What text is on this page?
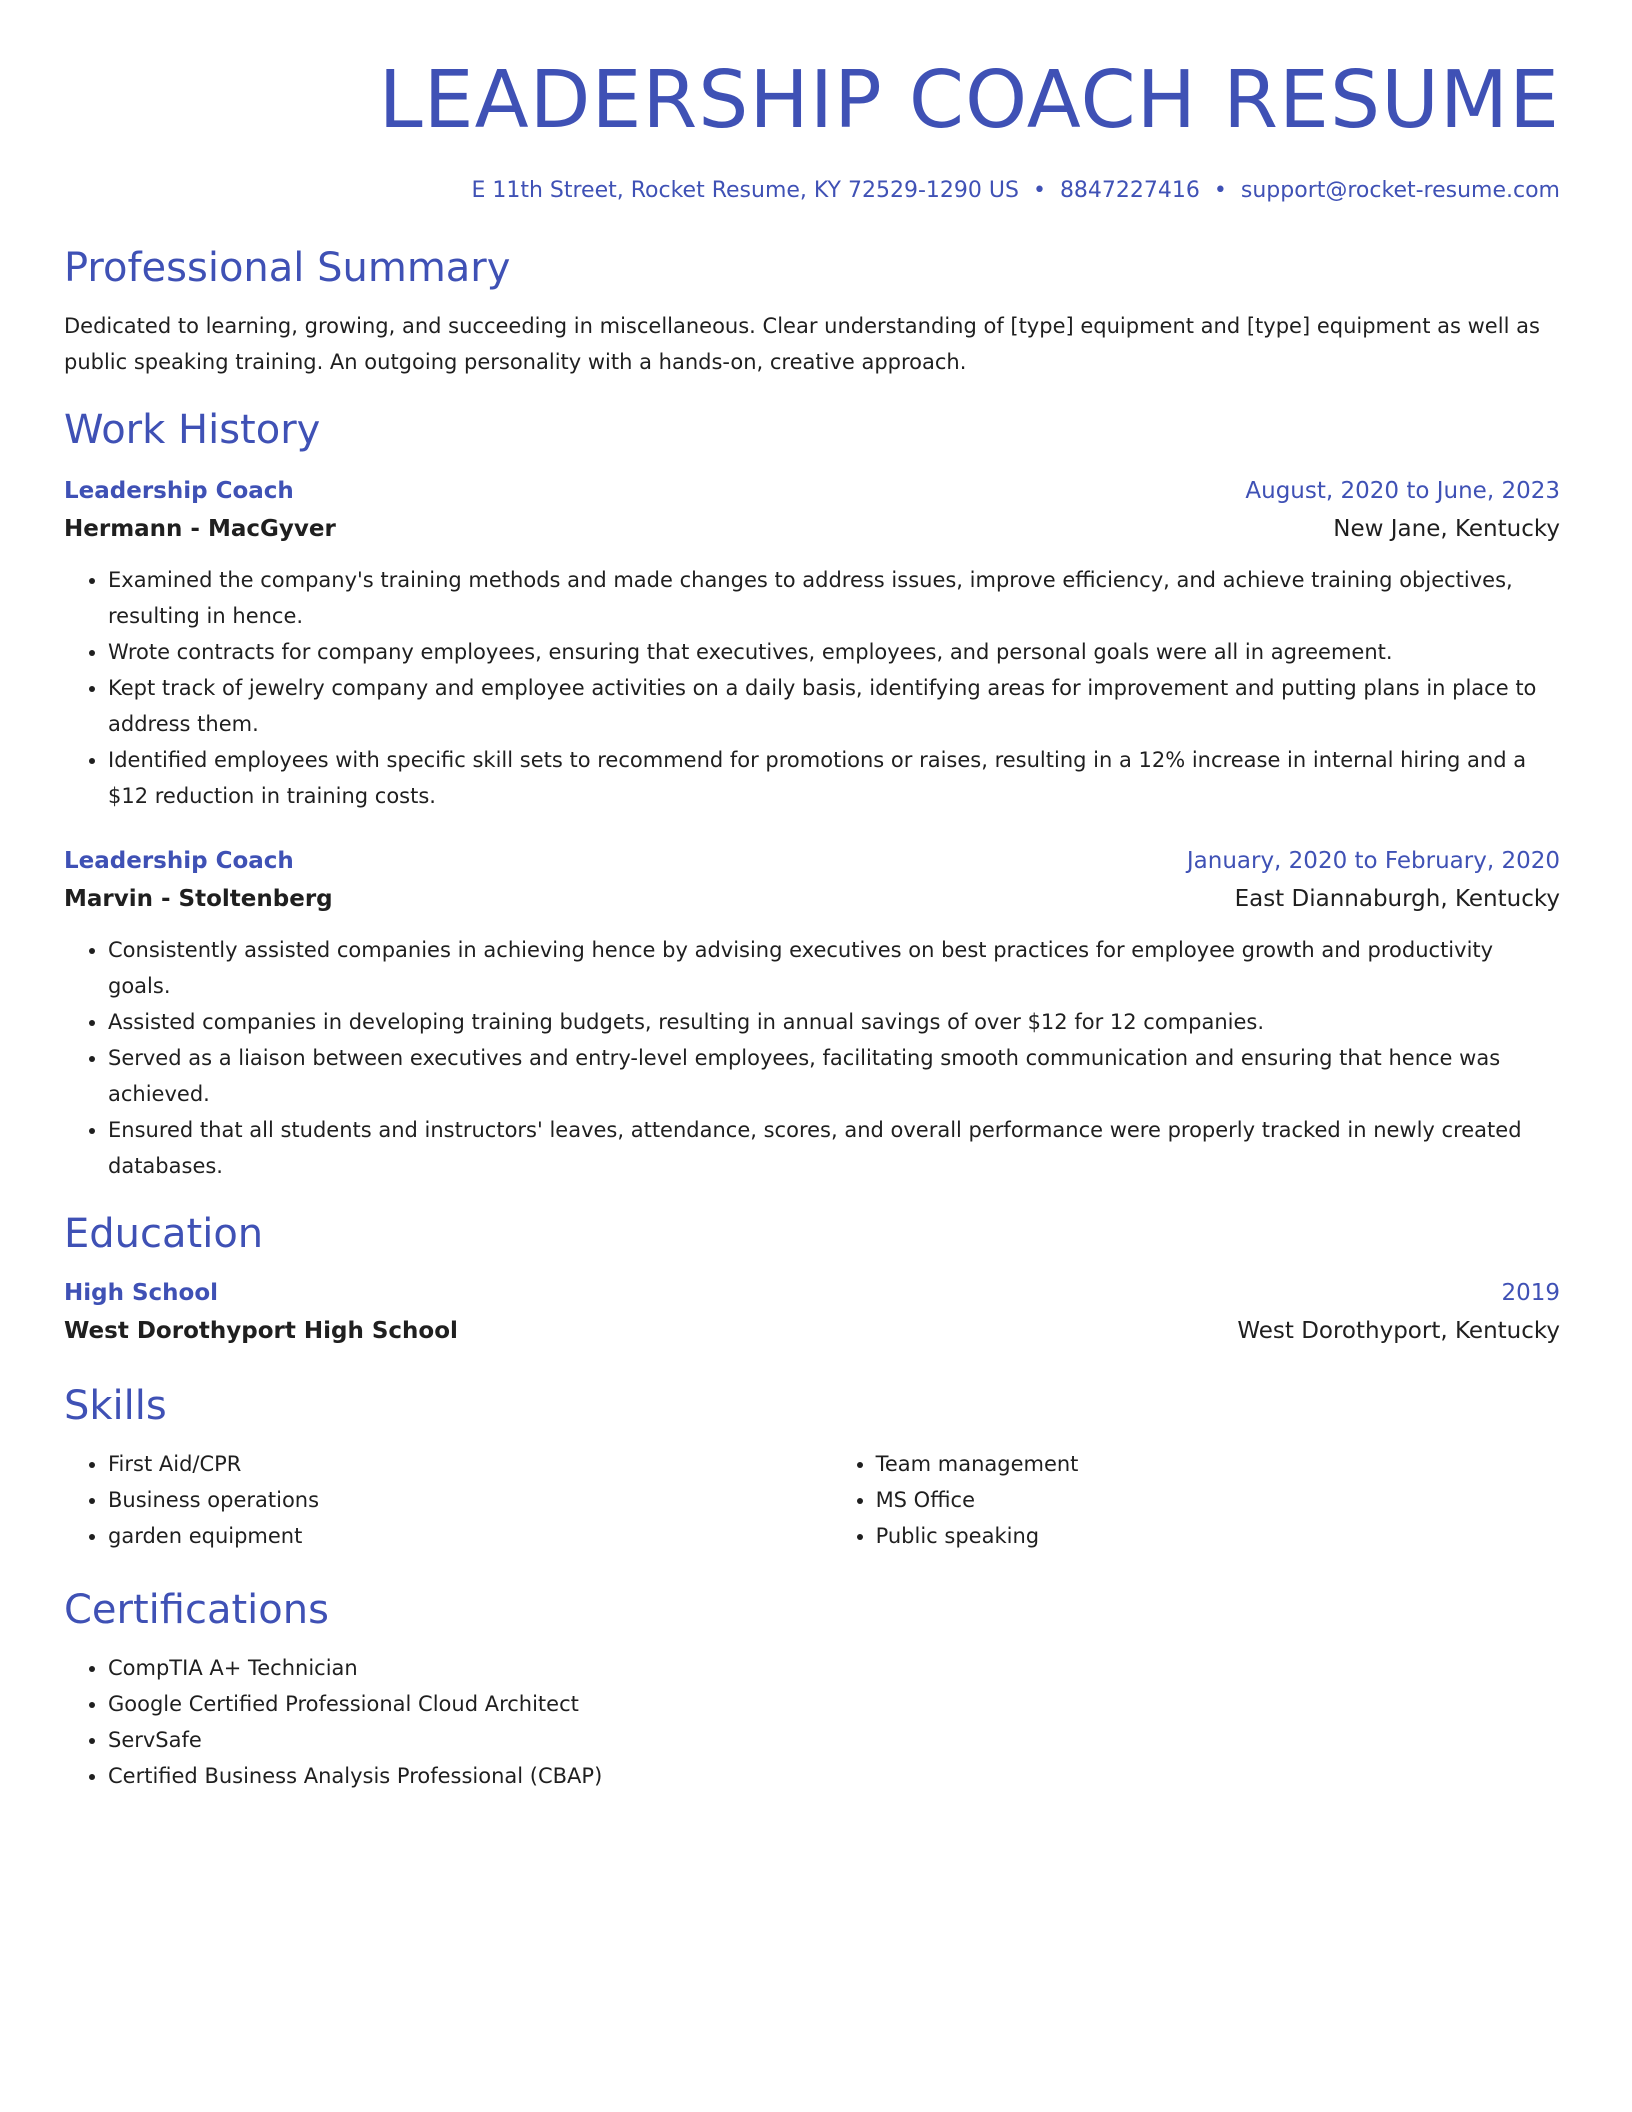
LEADERSHIP COACH RESUME
E 11th Street, Rocket Resume, KY 72529-1290 US • 8847227416 • support@rocket-resume.com
Professional Summary
Dedicated to learning, growing, and succeeding in miscellaneous. Clear understanding of [type] equipment and [type] equipment as well as public speaking training. An outgoing personality with a hands-on, creative approach.
Work History
Leadership Coach	August, 2020 to June, 2023
Hermann - MacGyver	New Jane, Kentucky
• Examined the company's training methods and made changes to address issues, improve efficiency, and achieve training objectives, resulting in hence.
• Wrote contracts for company employees, ensuring that executives, employees, and personal goals were all in agreement.
• Kept track of jewelry company and employee activities on a daily basis, identifying areas for improvement and putting plans in place to address them.
• Identified employees with specific skill sets to recommend for promotions or raises, resulting in a 12% increase in internal hiring and a $12 reduction in training costs.
Leadership Coach	January, 2020 to February, 2020
Marvin - Stoltenberg	East Diannaburgh, Kentucky
• Consistently assisted companies in achieving hence by advising executives on best practices for employee growth and productivity goals.
• Assisted companies in developing training budgets, resulting in annual savings of over $12 for 12 companies.
• Served as a liaison between executives and entry-level employees, facilitating smooth communication and ensuring that hence was achieved.
• Ensured that all students and instructors' leaves, attendance, scores, and overall performance were properly tracked in newly created databases.
Education
High School	2019
West Dorothyport High School	West Dorothyport, Kentucky
Skills
• First Aid/CPR
• Business operations
• garden equipment
• Team management
• MS Office
• Public speaking
Certifications
• CompTIA A+ Technician
• Google Certified Professional Cloud Architect
• ServSafe
• Certified Business Analysis Professional (CBAP)
